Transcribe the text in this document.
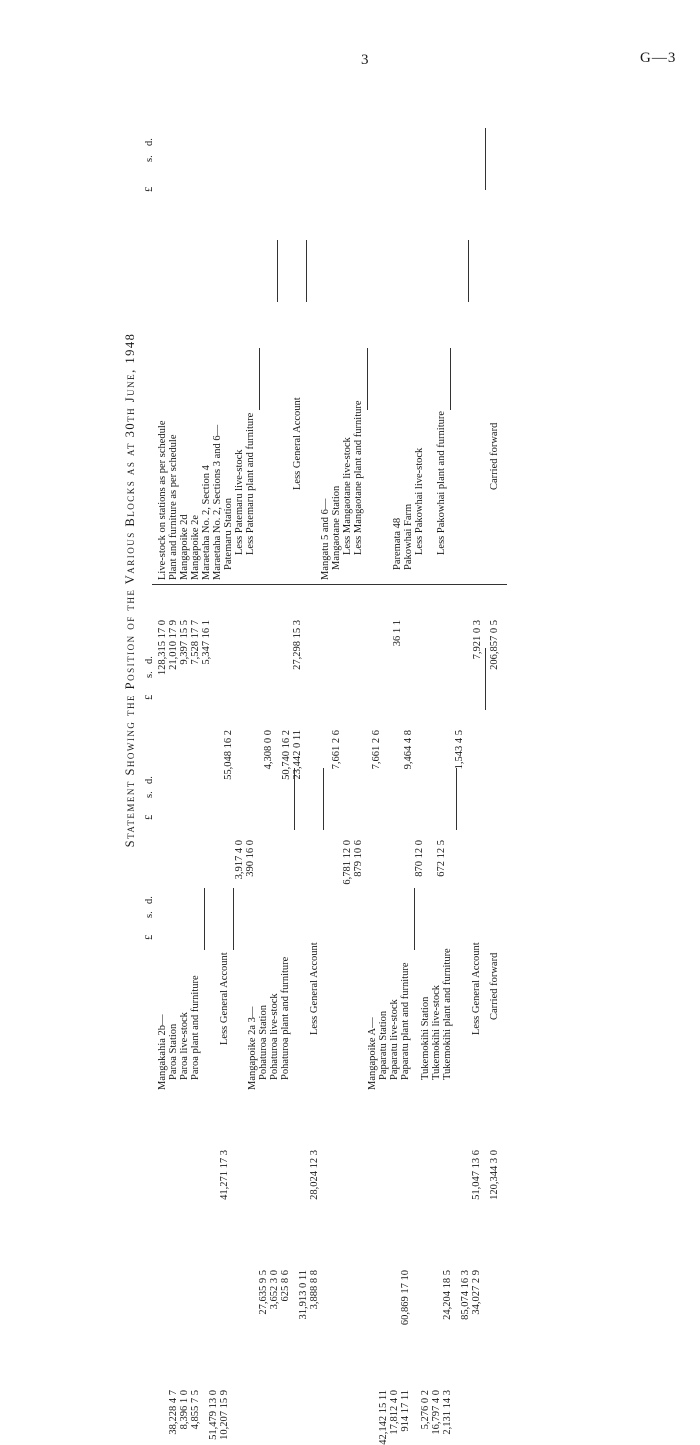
3	G—3
Statement Showing the Position of the Various Blocks as at 30th June, 1948
£
s.
d.
£
s.
d.
£
s.
d.
Mangakahia 2b— Paroa Station
38,228 4 7
Paroa live-stock
8,396 1 0
Paroa plant and furniture
4,855 7 5 51,479 13 0
Less General Account
10,207 15 9
41,271 17 3
Mangapoike 2a 3— Pohaturoa Station
27,635 9 5
Pohaturoa live-stock
3,652 3 0
Pohaturoa plant and furniture
625 8 6 31,913 0 11
Less General Account
3,888 8 8
28,024 12 3
Mangapoike A— Paparatu Station
42,142 15 11
Paparatu live-stock
17,812 4 0
Paparatu plant and furniture
914 17 11
60,869 17 10
Tukemokihi Station
5,276 0 2
Tukemokihi live-stock
16,797 4 0
Tukemokihi plant and furniture
2,131 14 3
24,204 18 5 85,074 16 3
Less General Account
34,027 2 9
51,047 13 6
Carried forward
120,344 3 0
£
s.
d.
Live-stock on stations as per schedule
128,315 17 0
Plant and furniture as per schedule
21,010 17 9
Mangapoike 2d
9,397 15 5
Mangapoike 2e
7,528 17 7
Maraetaha No. 2, Section 4
5,347 16 1
Maraetaha No. 2, Sections 3 and 6— Patemaru Station
55,048 16 2
Less Patemaru live-stock
3,917 4 0
Less Patemaru plant and furniture
390 16 0
4,308 0 0 50,740 16 2
Less General Account
23,442 0 11
27,298 15 3
Mangatu 5 and 6— Mangaotane Station
7,661 2 6
Less Mangaotane live-stock
6,781 12 0
Less Mangaotane plant and furniture
879 10 6
7,661 2 6
Paremata 48
36 1 1
Pakowhai Farm
9,464 4 8
Less Pakowhai live-stock
870 12 0
Less Pakowhai plant and furniture
672 12 5
1,543 4 5
7,921 0 3
Carried forward
206,857 0 5
